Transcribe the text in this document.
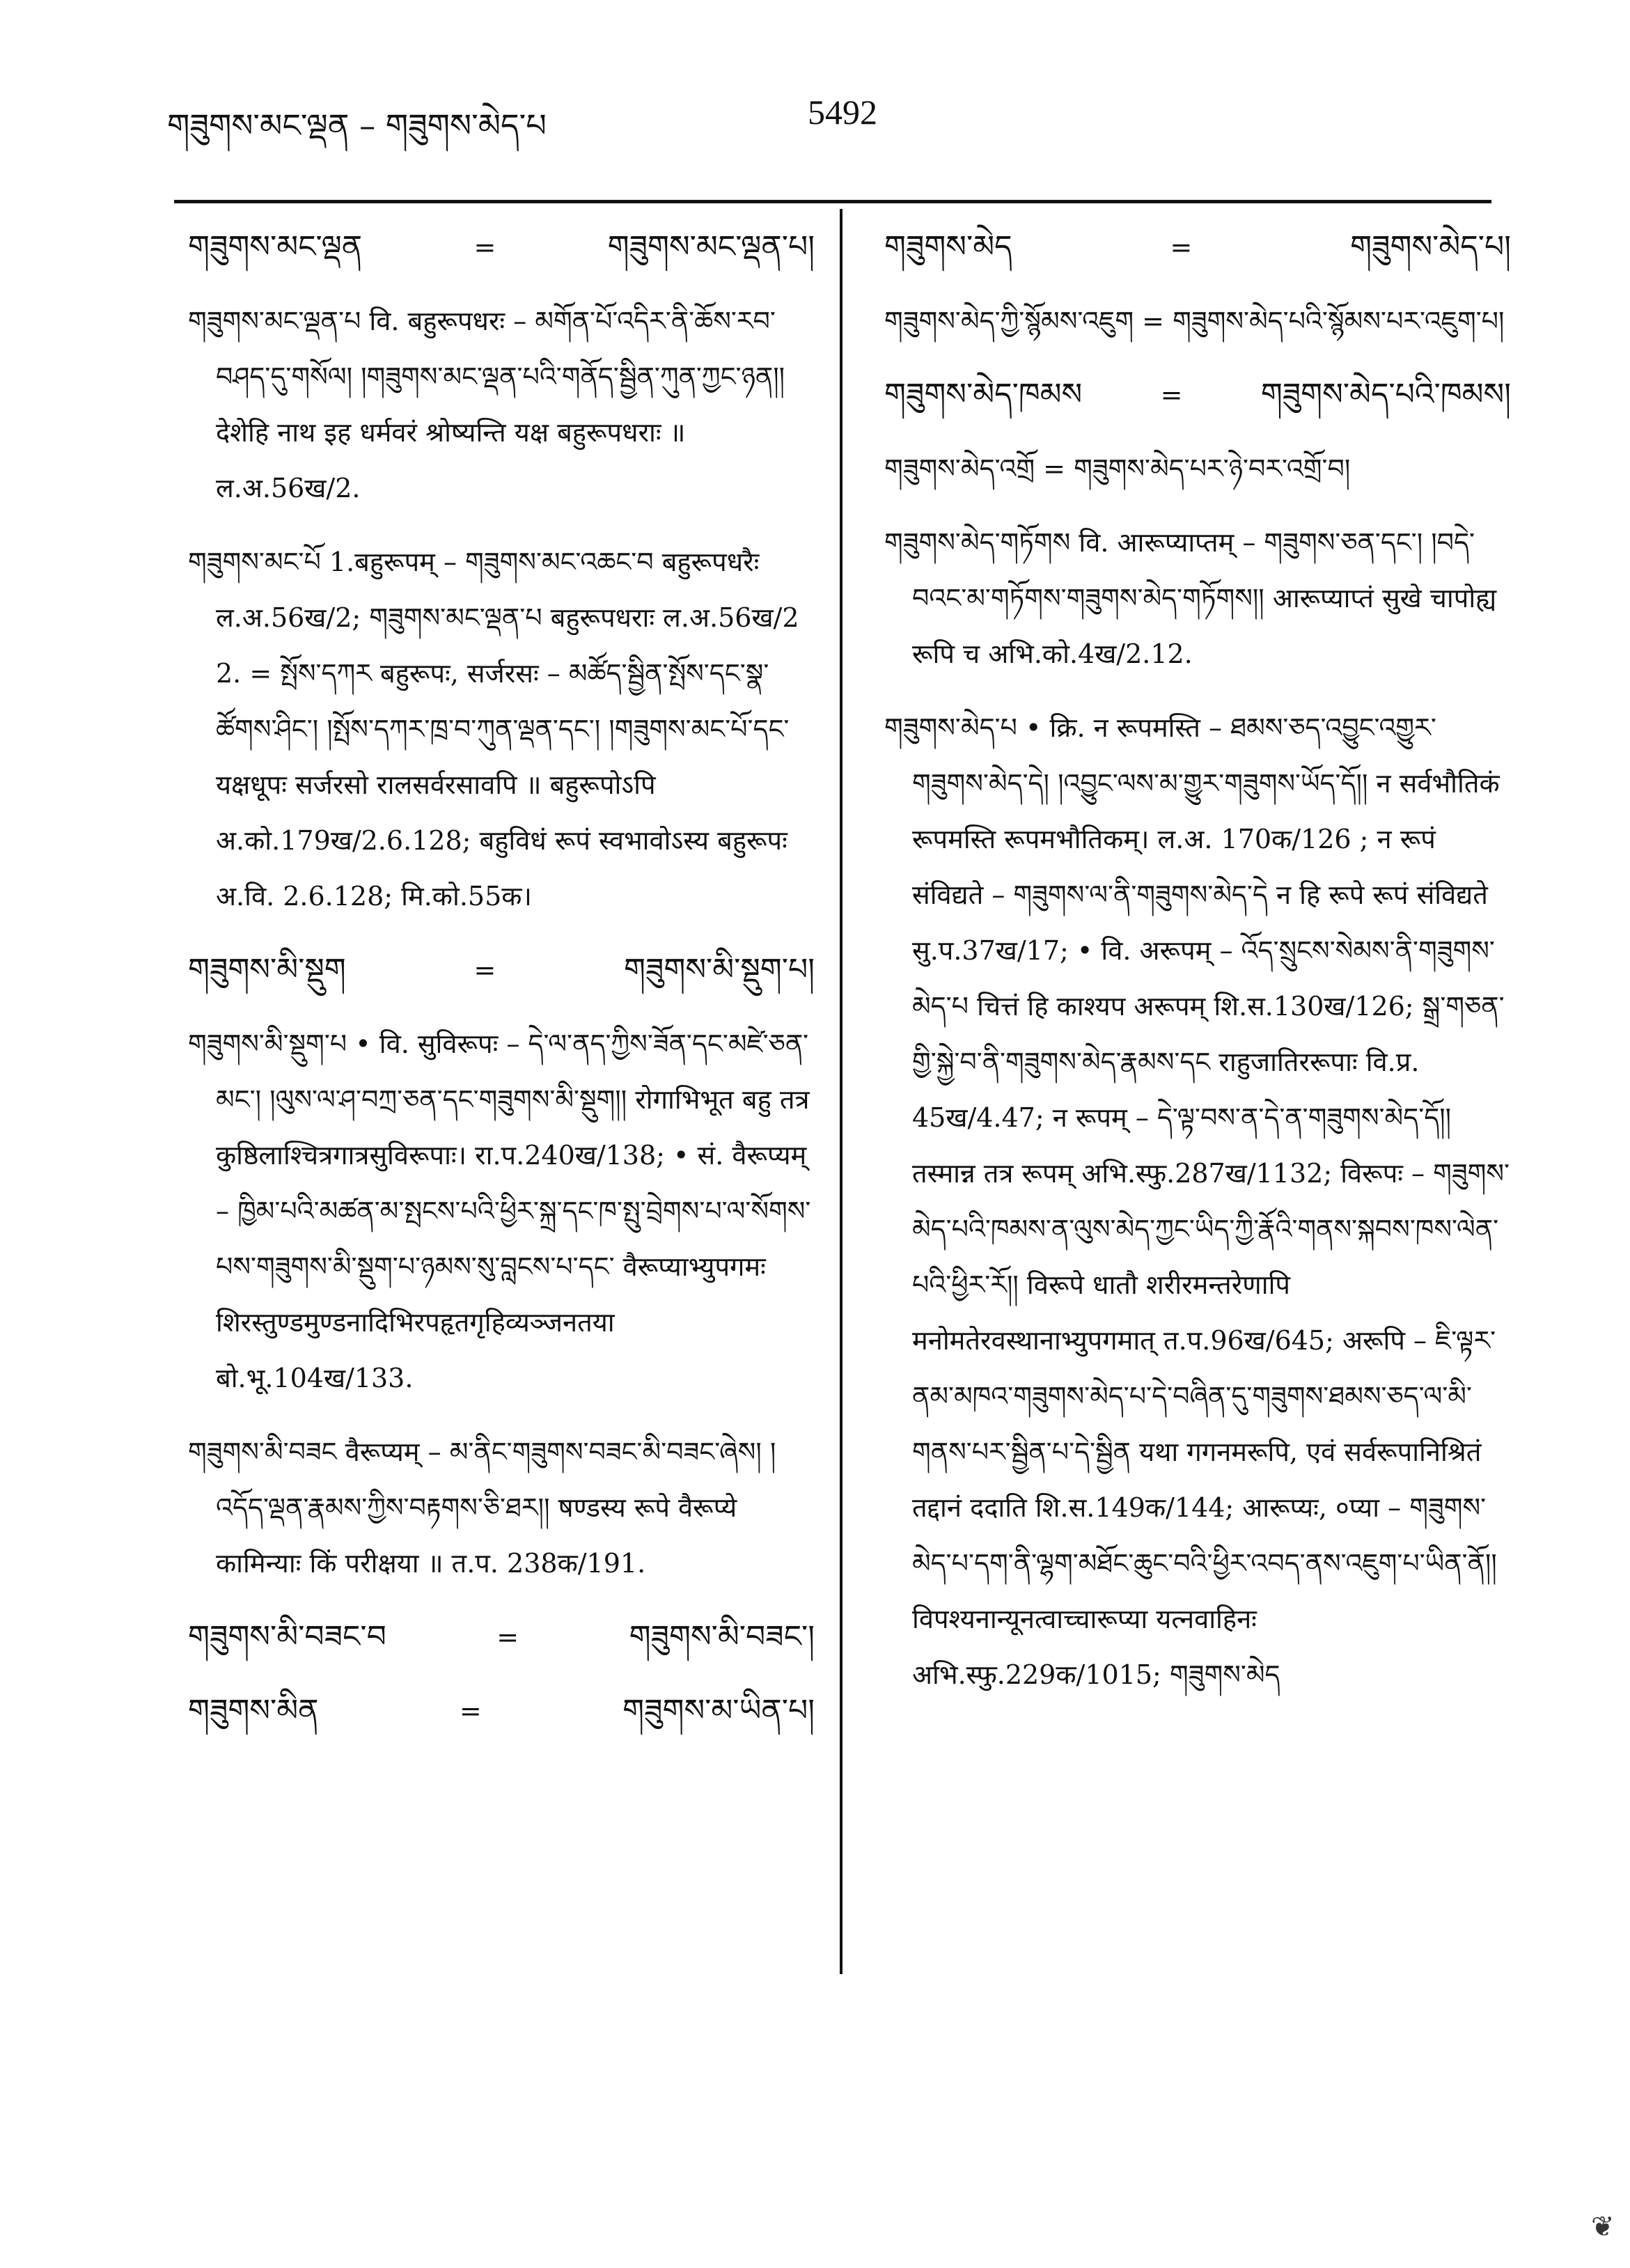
གཟུགས་མང་ལྡན – གཟུགས་མེད་པ	5492
གཟུགས་མང་ལྡན	=	གཟུགས་མང་ལྡན་པ།
གཟུགས་མང་ལྡན་པ वि. बहुरूपधरः – མགོན་པོ་འདིར་ནི་ཆོས་རབ་བཤད་དུ་གསོལ། །གཟུགས་མང་ལྡན་པའི་གནོད་སྦྱིན་ཀུན་ཀྱང་ཉན།། देशेहि नाथ इह धर्मवरं श्रोष्यन्ति यक्ष बहुरूपधराः ॥ ल.अ.56ख/2.
གཟུགས་མང་པོ 1.बहुरूपम् – གཟུགས་མང་འཆང་བ बहुरूपधरैः ल.अ.56ख/2; གཟུགས་མང་ལྡན་པ बहुरूपधराः ल.अ.56ख/2 2. = སྤོས་དཀར बहुरूपः, सर्जरसः – མཚོད་སྦྱིན་སྤོས་དང་སྣ་ཚོགས་ཤིང་། །སྤོས་དཀར་ཁྲ་བ་ཀུན་ལྡན་དང་། །གཟུགས་མང་པོ་དང་ यक्षधूपः सर्जरसो रालसर्वरसावपि ॥ बहुरूपोऽपि अ.को.179ख/2.6.128; बहुविधं रूपं स्वभावोऽस्य बहुरूपः अ.वि. 2.6.128; मि.को.55क।
གཟུགས་མི་སྡུག	=	གཟུགས་མི་སྡུག་པ།
གཟུགས་མི་སྡུག་པ • वि. सुविरूपः – དེ་ལ་ནད་ཀྱིས་ཟོན་དང་མཛེ་ཅན་མང་། །ལུས་ལ་ཤ་བཀྲ་ཅན་དང་གཟུགས་མི་སྡུག།། रोगाभिभूत बहु तत्र कुष्ठिलाश्चित्रगात्रसुविरूपाः। रा.प.240ख/138; • सं. वैरूप्यम् – ཁྱིམ་པའི་མཚན་མ་སྤངས་པའི་ཕྱིར་སྐྲ་དང་ཁ་སྤུ་བྲེགས་པ་ལ་སོགས་པས་གཟུགས་མི་སྡུག་པ་ཉམས་སུ་བླངས་པ་དང་ वैरूप्याभ्युपगमः शिरस्तुण्डमुण्डनादिभिरपहृतगृहिव्यञ्जनतया बो.भू.104ख/133.
གཟུགས་མི་བཟང वैरूप्यम् – མ་ནིང་གཟུགས་བཟང་མི་བཟང་ཞེས། །འདོད་ལྡན་རྣམས་ཀྱིས་བརྟགས་ཅི་ཐར།། षण्डस्य रूपे वैरूप्ये कामिन्याः किं परीक्षया ॥ त.प. 238क/191.
གཟུགས་མི་བཟང་བ	=	གཟུགས་མི་བཟང་།
གཟུགས་མིན	=	གཟུགས་མ་ཡིན་པ།
གཟུགས་མེད	=	གཟུགས་མེད་པ།
གཟུགས་མེད་ཀྱི་སྙོམས་འཇུག = གཟུགས་མེད་པའི་སྙོམས་པར་འཇུག་པ།
གཟུགས་མེད་ཁམས	=	གཟུགས་མེད་པའི་ཁམས།
གཟུགས་མེད་འགྲོ = གཟུགས་མེད་པར་ཉེ་བར་འགྲོ་བ།
གཟུགས་མེད་གཏོགས वि. आरूप्याप्तम् – གཟུགས་ཅན་དང་། །བདེ་བའང་མ་གཏོགས་གཟུགས་མེད་གཏོགས།། आरूप्याप्तं सुखे चापोह्य रूपि च अभि.को.4ख/2.12.
གཟུགས་མེད་པ • क्रि. न रूपमस्ति – ཐམས་ཅད་འབྱུང་འགྱུར་གཟུགས་མེད་དེ། །འབྱུང་ལས་མ་གྱུར་གཟུགས་ཡོད་དོ།། न सर्वभौतिकं रूपमस्ति रूपमभौतिकम्। ल.अ. 170क/126 ; न रूपं संविद्यते – གཟུགས་ལ་ནི་གཟུགས་མེད་དེ न हि रूपे रूपं संविद्यते सु.प.37ख/17; • वि. अरूपम् – འོད་སྲུངས་སེམས་ནི་གཟུགས་མེད་པ चित्तं हि काश्यप अरूपम् शि.स.130ख/126; སྒྲ་གཅན་གྱི་སྐྱེ་བ་ནི་གཟུགས་མེད་རྣམས་དང राहुजातिररूपाः वि.प्र. 45ख/4.47; न रूपम् – དེ་ལྟ་བས་ན་དེ་ན་གཟུགས་མེད་དོ།། तस्मान्न तत्र रूपम् अभि.स्फु.287ख/1132; विरूपः – གཟུགས་མེད་པའི་ཁམས་ན་ལུས་མེད་ཀྱང་ཡིད་ཀྱི་རྣོའི་གནས་སྐབས་ཁས་ལེན་པའི་ཕྱིར་རོ།། विरूपे धातौ शरीरमन्तरेणापि मनोमतेरवस्थानाभ्युपगमात् त.प.96ख/645; अरूपि – ཇི་ལྟར་ནམ་མཁའ་གཟུགས་མེད་པ་དེ་བཞིན་དུ་གཟུགས་ཐམས་ཅད་ལ་མི་གནས་པར་སྦྱིན་པ་དེ་སྦྱིན यथा गगनमरूपि, एवं सर्वरूपानिश्रितं तद्दानं ददाति शि.स.149क/144; आरूप्यः, ०प्या – གཟུགས་མེད་པ་དག་ནི་ལྷག་མཐོང་ཆུང་བའི་ཕྱིར་འབད་ནས་འཇུག་པ་ཡིན་ནོ།། विपश्यनान्यूनत्वाच्चारूप्या यत्नवाहिनः अभि.स्फु.229क/1015; གཟུགས་མེད
❦
